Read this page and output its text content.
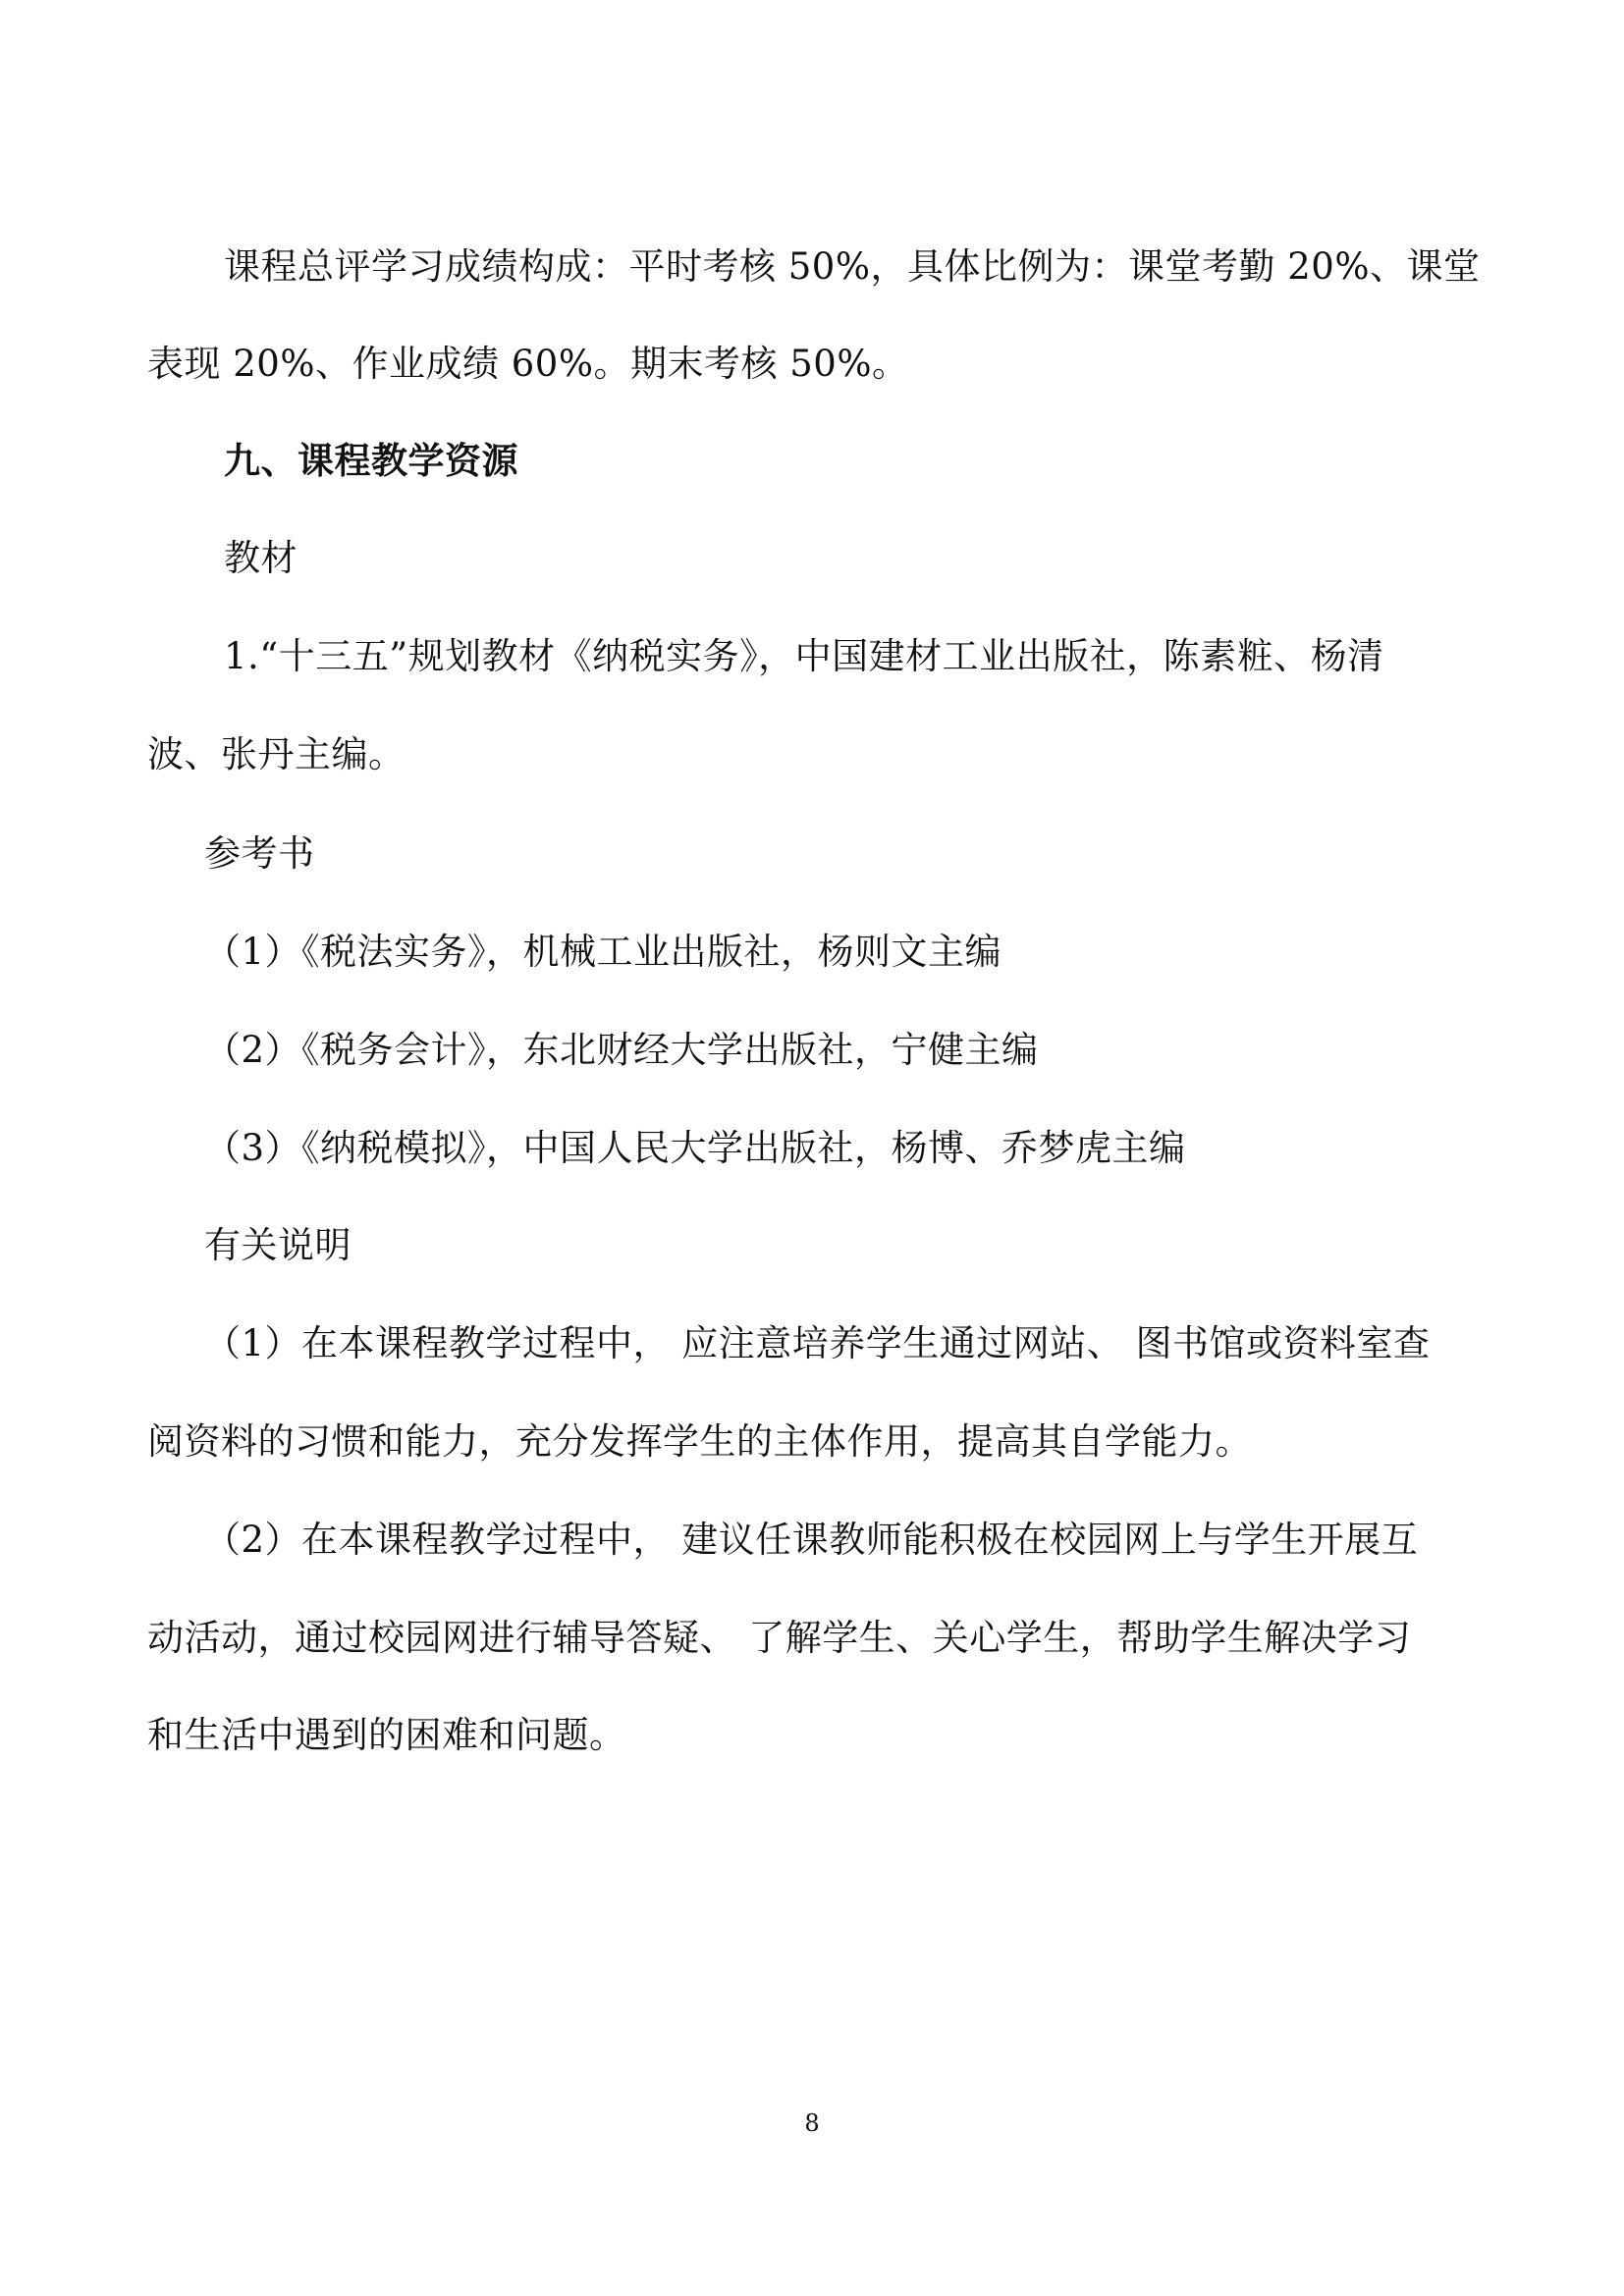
课程总评学习成绩构成：平时考核 50%，具体比例为：课堂考勤 20%、课堂
表现 20%、作业成绩 60%。期末考核 50%。
九、课程教学资源
教材
1.“十三五”规划教材《纳税实务》，中国建材工业出版社，陈素粧、杨清
波、张丹主编。
参考书
（1）《税法实务》，机械工业出版社，杨则文主编
（2）《税务会计》，东北财经大学出版社，宁健主编
（3）《纳税模拟》，中国人民大学出版社，杨博、乔梦虎主编
有关说明
（1）在本课程教学过程中， 应注意培养学生通过网站、 图书馆或资料室查
阅资料的习惯和能力，充分发挥学生的主体作用，提高其自学能力。
（2）在本课程教学过程中， 建议任课教师能积极在校园网上与学生开展互
动活动，通过校园网进行辅导答疑、 了解学生、关心学生，帮助学生解决学习
和生活中遇到的困难和问题。
8
